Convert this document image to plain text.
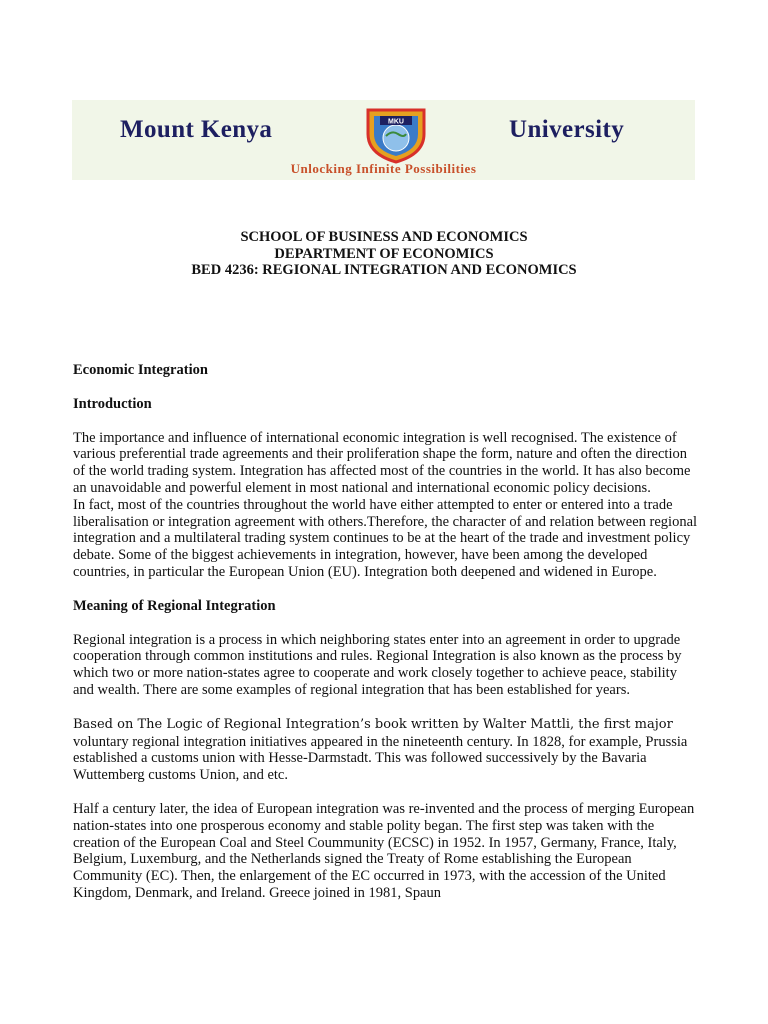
Mount Kenya	MKU	University
Unlocking Infinite Possibilities
SCHOOL OF BUSINESS AND ECONOMICS
DEPARTMENT OF ECONOMICS
BED 4236: REGIONAL INTEGRATION AND ECONOMICS

Economic Integration

Introduction

The importance and influence of international economic integration is well recognised. The existence of various preferential trade agreements and their proliferation shape the form, nature and often the direction of the world trading system. Integration has affected most of the countries in the world. It has also become an unavoidable and powerful element in most national and international economic policy decisions.

In fact, most of the countries throughout the world have either attempted to enter or entered into a trade liberalisation or integration agreement with others.Therefore, the character of and relation between regional integration and a multilateral trading system continues to be at the heart of the trade and investment policy debate. Some of the biggest achievements in integration, however, have been among the developed countries, in particular the European Union (EU). Integration both deepened and widened in Europe.

Meaning of Regional Integration

Regional integration is a process in which neighboring states enter into an agreement in order to upgrade cooperation through common institutions and rules. Regional Integration is also known as the process by which two or more nation-states agree to cooperate and work closely together to achieve peace, stability and wealth. There are some examples of regional integration that has been established for years.

Based on The Logic of Regional Integration’s book written by Walter Mattli, the first major voluntary regional integration initiatives appeared in the nineteenth century. In 1828, for example, Prussia established a customs union with Hesse-Darmstadt. This was followed successively by the Bavaria Wuttemberg customs Union, and etc.

Half a century later, the idea of European integration was re-invented and the process of merging European nation-states into one prosperous economy and stable polity began. The first step was taken with the creation of the European Coal and Steel Coummunity (ECSC) in 1952. In 1957, Germany, France, Italy, Belgium, Luxemburg, and the Netherlands signed the Treaty of Rome establishing the European Community (EC). Then, the enlargement of the EC occurred in 1973, with the accession of the United Kingdom, Denmark, and Ireland. Greece joined in 1981, Spaun
